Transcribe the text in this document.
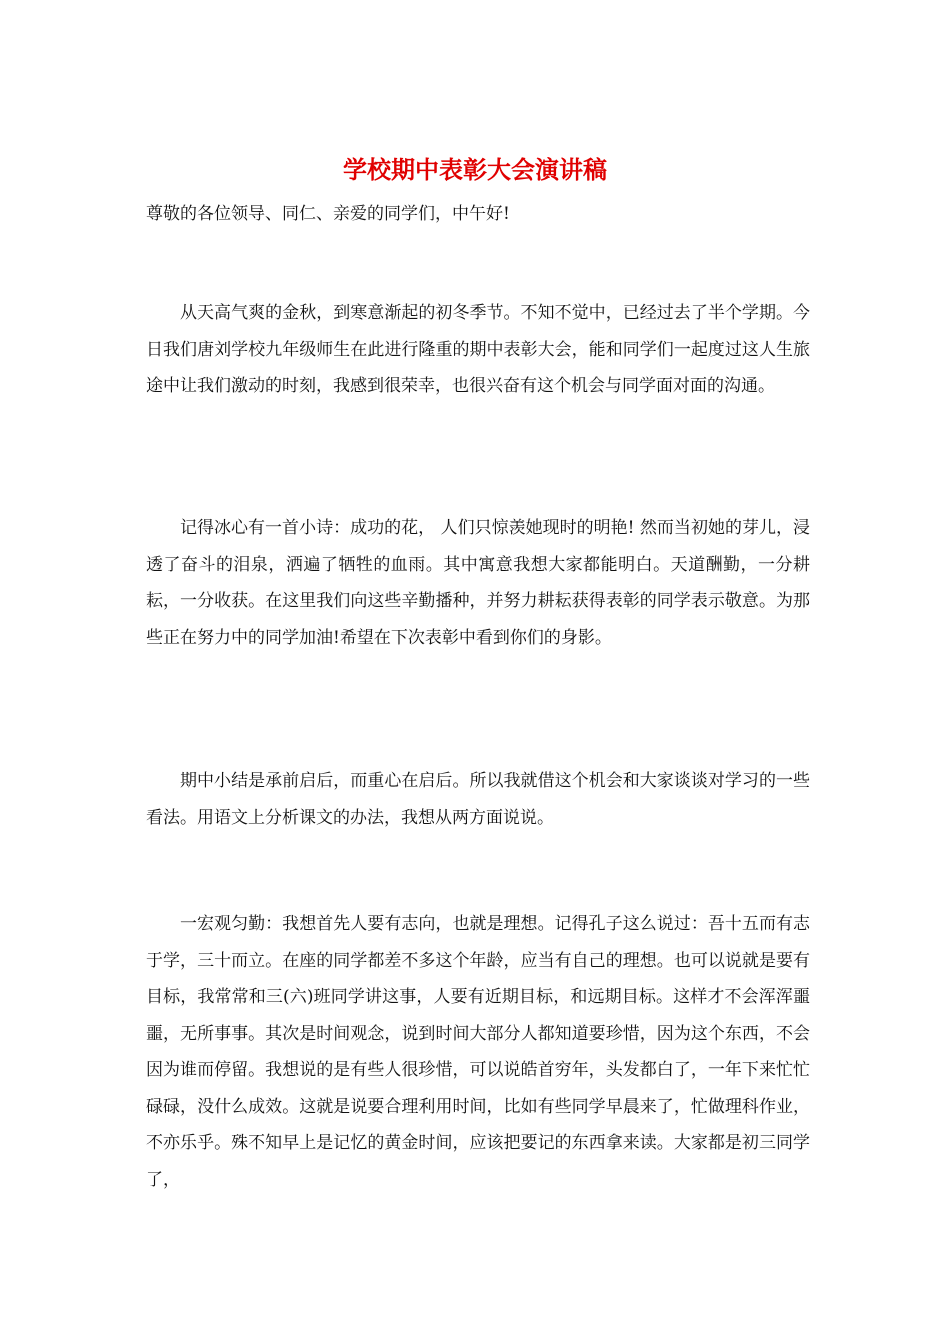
学校期中表彰大会演讲稿

尊敬的各位领导、同仁、亲爱的同学们，中午好!

从天高气爽的金秋，到寒意渐起的初冬季节。不知不觉中，已经过去了半个学期。今日我们唐刘学校九年级师生在此进行隆重的期中表彰大会，能和同学们一起度过这人生旅途中让我们激动的时刻，我感到很荣幸，也很兴奋有这个机会与同学面对面的沟通。

记得冰心有一首小诗：成功的花， 人们只惊羡她现时的明艳! 然而当初她的芽儿，浸透了奋斗的泪泉，洒遍了牺牲的血雨。其中寓意我想大家都能明白。天道酬勤，一分耕耘，一分收获。在这里我们向这些辛勤播种，并努力耕耘获得表彰的同学表示敬意。为那些正在努力中的同学加油!希望在下次表彰中看到你们的身影。

期中小结是承前启后，而重心在启后。所以我就借这个机会和大家谈谈对学习的一些看法。用语文上分析课文的办法，我想从两方面说说。

一宏观匀勤：我想首先人要有志向，也就是理想。记得孔子这么说过：吾十五而有志于学，三十而立。在座的同学都差不多这个年龄，应当有自己的理想。也可以说就是要有目标，我常常和三(六)班同学讲这事，人要有近期目标，和远期目标。这样才不会浑浑噩噩，无所事事。其次是时间观念，说到时间大部分人都知道要珍惜，因为这个东西，不会因为谁而停留。我想说的是有些人很珍惜，可以说皓首穷年，头发都白了，一年下来忙忙碌碌，没什么成效。这就是说要合理利用时间，比如有些同学早晨来了，忙做理科作业，不亦乐乎。殊不知早上是记忆的黄金时间，应该把要记的东西拿来读。大家都是初三同学了，
